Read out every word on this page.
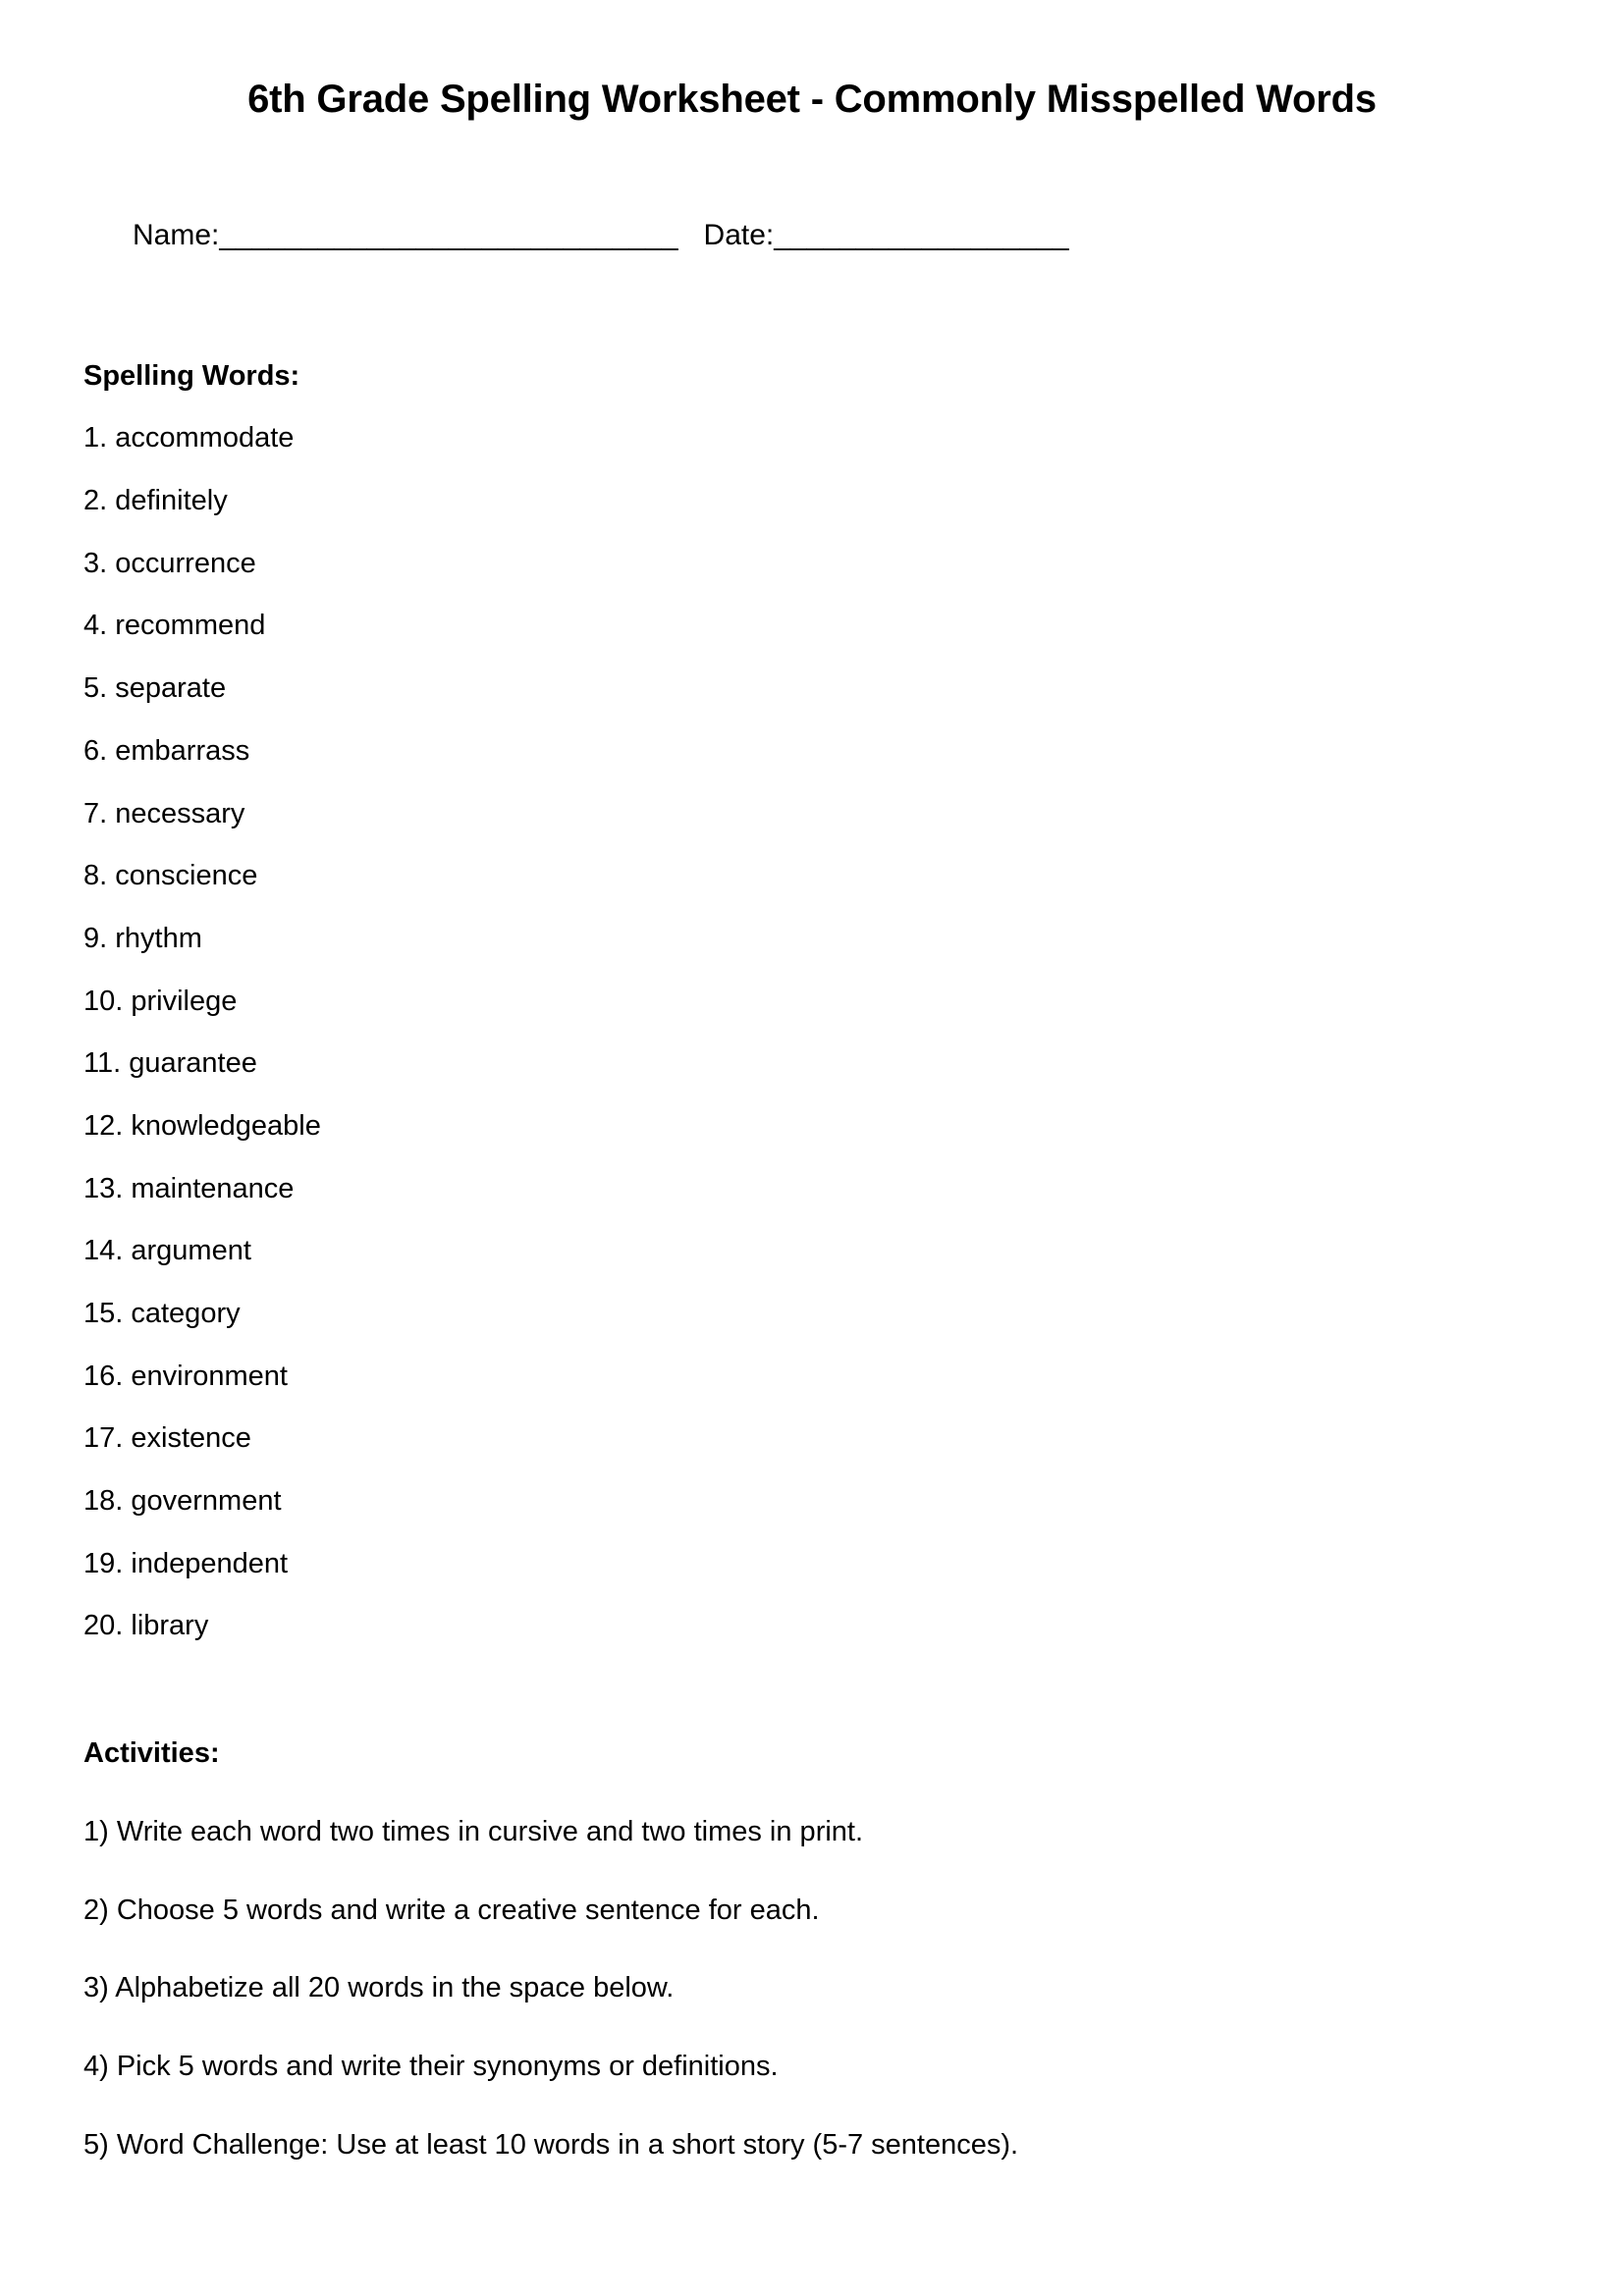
6th Grade Spelling Worksheet - Commonly Misspelled Words

Name:____________________________ Date:__________________

Spelling Words:
1. accommodate
2. definitely
3. occurrence
4. recommend
5. separate
6. embarrass
7. necessary
8. conscience
9. rhythm
10. privilege
11. guarantee
12. knowledgeable
13. maintenance
14. argument
15. category
16. environment
17. existence
18. government
19. independent
20. library
Activities:
1) Write each word two times in cursive and two times in print.
2) Choose 5 words and write a creative sentence for each.
3) Alphabetize all 20 words in the space below.
4) Pick 5 words and write their synonyms or definitions.
5) Word Challenge: Use at least 10 words in a short story (5-7 sentences).
